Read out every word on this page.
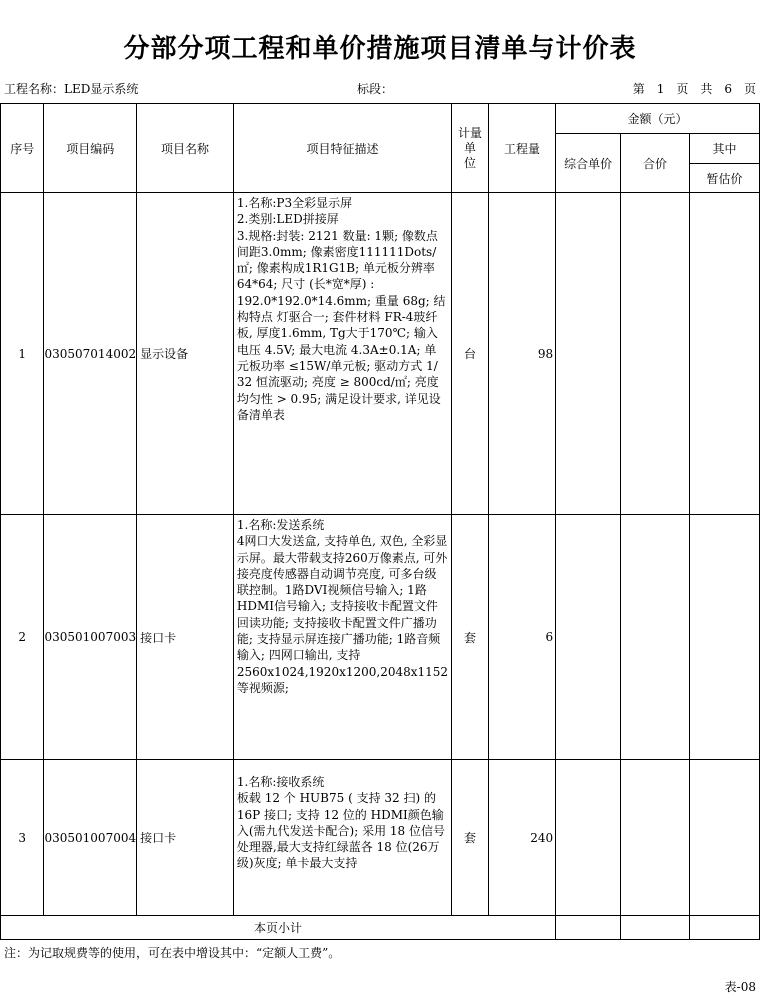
分部分项工程和单价措施项目清单与计价表
工程名称：LED显示系统	标段：	第　1　页　共　6　页
序号	项目编码	项目名称	项目特征描述	计量单
位	工程量	金额（元）		
						综合单价	合价	其中
								暂估价
1	030507014002	显示设备	1.名称:P3全彩显示屏
2.类别:LED拼接屏
3.规格:封装: 2121 数量: 1颗; 像数点间距3.0mm; 像素密度111111Dots/㎡; 像素构成1R1G1B; 单元板分辨率64*64; 尺寸 (长*宽*厚) : 192.0*192.0*14.6mm; 重量 68g; 结构特点 灯驱合一; 套件材料 FR-4玻纤板, 厚度1.6mm, Tg大于170℃; 输入电压 4.5V; 最大电流 4.3A±0.1A; 单元板功率 ≤15W/单元板; 驱动方式 1/ 32 恒流驱动; 亮度 ≥ 800cd/㎡; 亮度均匀性 > 0.95; 满足设计要求, 详见设备清单表	台	98			
2	030501007003	接口卡	1.名称:发送系统
4网口大发送盒, 支持单色, 双色, 全彩显示屏。最大带载支持260万像素点, 可外接亮度传感器自动调节亮度, 可多台级联控制。1路DVI视频信号输入; 1路HDMI信号输入; 支持接收卡配置文件回读功能; 支持接收卡配置文件广播功能; 支持显示屏连接广播功能; 1路音频输入; 四网口输出, 支持2560x1024,1920x1200,2048x1152等视频源;	套	6			
3	030501007004	接口卡	1.名称:接收系统
板载 12 个 HUB75 ( 支持 32 扫) 的 16P 接口; 支持 12 位的 HDMI颜色输入(需九代发送卡配合); 采用 18 位信号处理器,最大支持红绿蓝各 18 位(26万级)灰度; 单卡最大支持	套	240			
本页小计								
注：为记取规费等的使用，可在表中增设其中：“定额人工费”。
表-08
